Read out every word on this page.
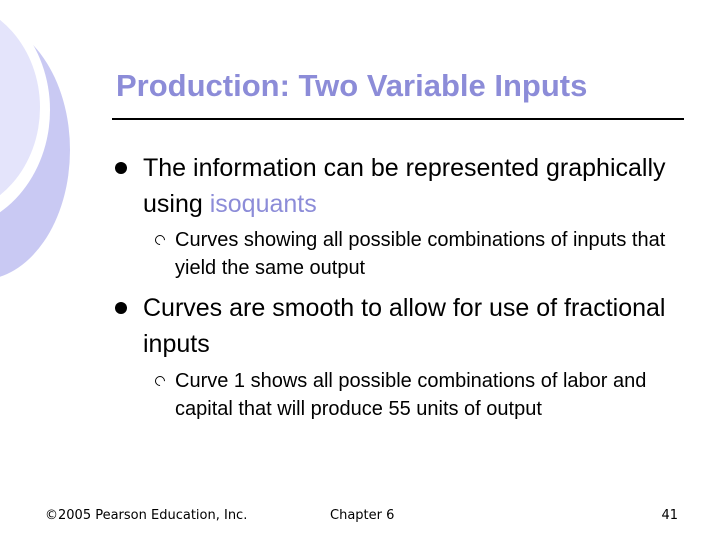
Production: Two Variable Inputs
The information can be represented graphically using isoquants
Curves showing all possible combinations of inputs that yield the same output
Curves are smooth to allow for use of fractional inputs
Curve 1 shows all possible combinations of labor and capital that will produce 55 units of output
©2005 Pearson Education, Inc.	Chapter 6	41
